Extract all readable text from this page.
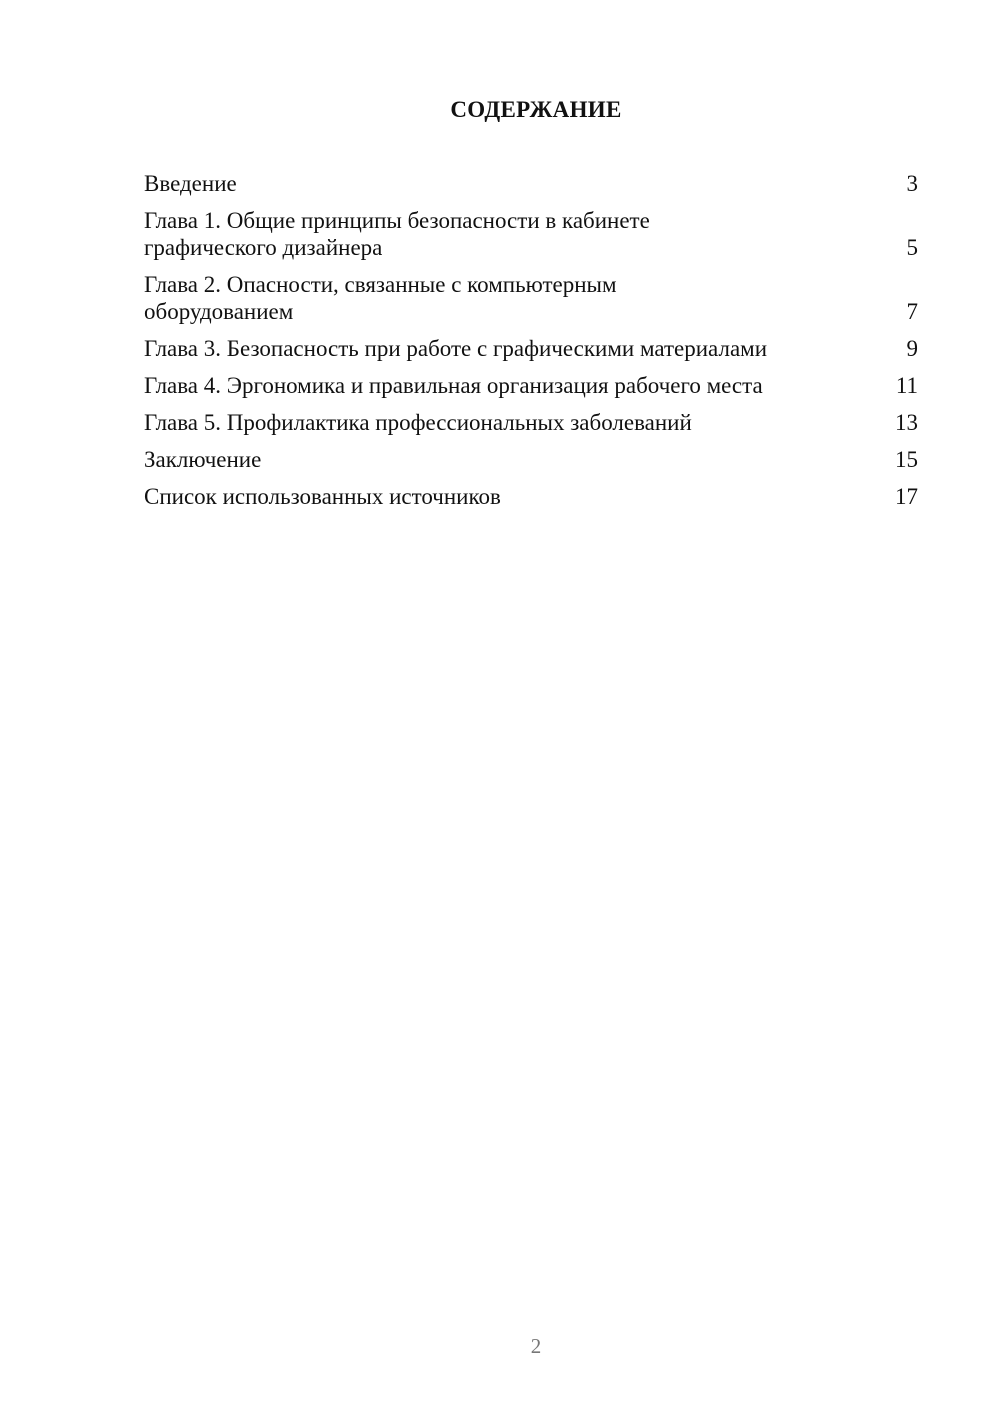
СОДЕРЖАНИЕ
Введение	3
Глава 1. Общие принципы безопасности в кабинете графического дизайнера	5
Глава 2. Опасности, связанные с компьютерным оборудованием	7
Глава 3. Безопасность при работе с графическими материалами	9
Глава 4. Эргономика и правильная организация рабочего места	11
Глава 5. Профилактика профессиональных заболеваний	13
Заключение	15
Список использованных источников	17
2
